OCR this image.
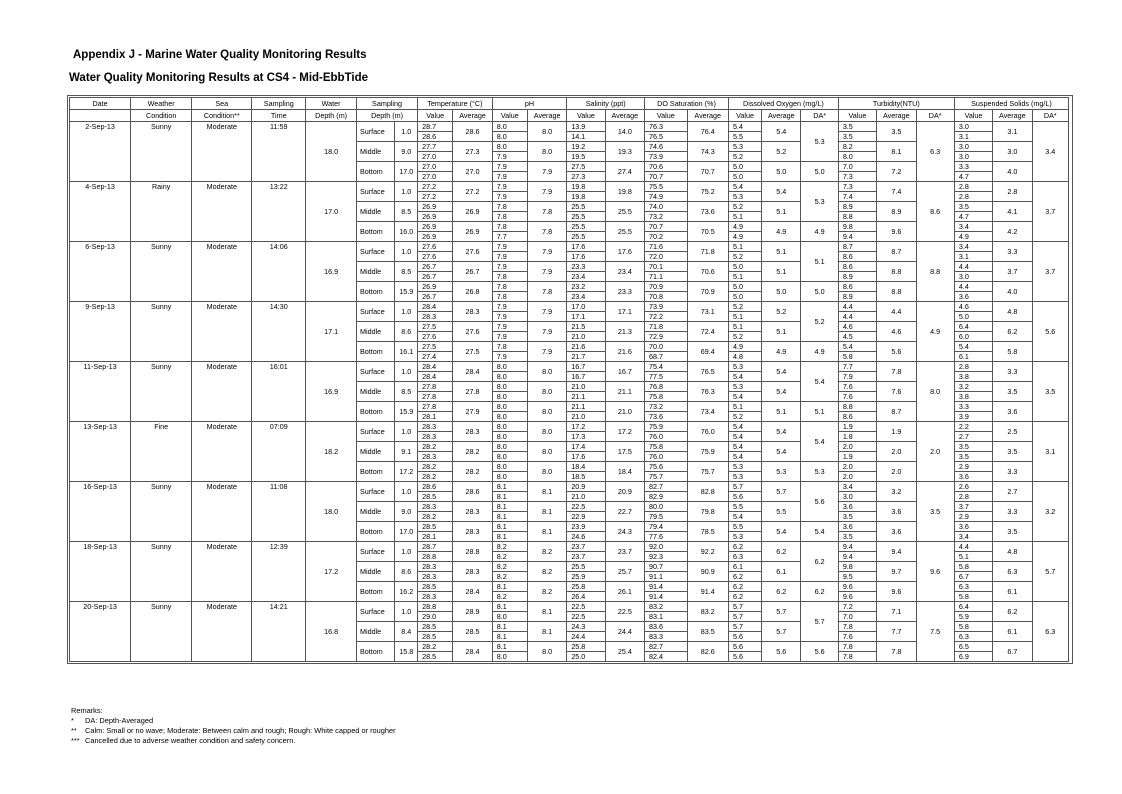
Appendix J - Marine Water Quality Monitoring Results
Water Quality Monitoring Results at CS4 - Mid-EbbTide
Date	Weather	Sea	Sampling	Water	Sampling		Temperature (°C)		pH		Salinity (ppt)		DO Saturation (%)		Dissolved Oxygen (mg/L)			Turbidity(NTU)			Suspended Solids (mg/L)		
	Condition	Condition**	Time	Depth (m)	Depth (m)		Value	Average	Value	Average	Value	Average	Value	Average	Value	Average	DA*	Value	Average	DA*	Value	Average	DA*
2-Sep-13	Sunny	Moderate	11:59	18.0	Surface	1.0	28.7	28.6	8.0	8.0	13.9	14.0	76.3	76.4	5.4	5.4	5.3	3.5	3.5	6.3	3.0	3.1	3.4
							28.6		8.0		14.1		76.5		5.5			3.5			3.1		
					Middle	9.0	27.7	27.3	8.0	8.0	19.2	19.3	74.6	74.3	5.3	5.2		8.2	8.1		3.0	3.0	
							27.0		7.9		19.5		73.9		5.2			8.0			3.0		
					Bottom	17.0	27.0	27.0	7.9	7.9	27.5	27.4	70.6	70.7	5.0	5.0	5.0	7.0	7.2		3.3	4.0	
							27.0		7.9		27.3		70.7		5.0			7.3			4.7		
4-Sep-13	Rainy	Moderate	13:22	17.0	Surface	1.0	27.2	27.2	7.9	7.9	19.8	19.8	75.5	75.2	5.4	5.4	5.3	7.3	7.4	8.6	2.8	2.8	3.7
							27.2		7.9		19.8		74.9		5.3			7.4			2.8		
					Middle	8.5	26.9	26.9	7.8	7.8	25.5	25.5	74.0	73.6	5.2	5.1		8.9	8.9		3.5	4.1	
							26.9		7.8		25.5		73.2		5.1			8.8			4.7		
					Bottom	16.0	26.9	26.9	7.8	7.8	25.5	25.5	70.7	70.5	4.9	4.9	4.9	9.8	9.6		3.4	4.2	
							26.9		7.7		25.5		70.2		4.9			9.4			4.9		
6-Sep-13	Sunny	Moderate	14:06	16.9	Surface	1.0	27.6	27.6	7.9	7.9	17.6	17.6	71.6	71.8	5.1	5.1	5.1	8.7	8.7	8.8	3.4	3.3	3.7
							27.6		7.9		17.6		72.0		5.2			8.6			3.1		
					Middle	8.5	26.7	26.7	7.9	7.9	23.3	23.4	70.1	70.6	5.0	5.1		8.6	8.8		4.4	3.7	
							26.7		7.8		23.4		71.1		5.1			8.9			3.0		
					Bottom	15.9	26.9	26.8	7.8	7.8	23.2	23.3	70.9	70.9	5.0	5.0	5.0	8.6	8.8		4.4	4.0	
							26.7		7.8		23.4		70.8		5.0			8.9			3.6		
9-Sep-13	Sunny	Moderate	14:30	17.1	Surface	1.0	28.4	28.3	7.9	7.9	17.0	17.1	73.9	73.1	5.2	5.2	5.2	4.4	4.4	4.9	4.6	4.8	5.6
							28.3		7.9		17.1		72.2		5.1			4.4			5.0		
					Middle	8.6	27.5	27.6	7.9	7.9	21.5	21.3	71.8	72.4	5.1	5.1		4.6	4.6		6.4	6.2	
							27.6		7.9		21.0		72.9		5.2			4.5			6.0		
					Bottom	16.1	27.5	27.5	7.8	7.9	21.6	21.6	70.0	69.4	4.9	4.9	4.9	5.4	5.6		5.4	5.8	
							27.4		7.9		21.7		68.7		4.8			5.8			6.1		
11-Sep-13	Sunny	Moderate	16:01	16.9	Surface	1.0	28.4	28.4	8.0	8.0	16.7	16.7	75.4	76.5	5.3	5.4	5.4	7.7	7.8	8.0	2.8	3.3	3.5
							28.4		8.0		16.7		77.5		5.4			7.9			3.8		
					Middle	8.5	27.8	27.8	8.0	8.0	21.0	21.1	76.8	76.3	5.3	5.4		7.6	7.6		3.2	3.5	
							27.8		8.0		21.1		75.8		5.4			7.6			3.8		
					Bottom	15.9	27.8	27.9	8.0	8.0	21.1	21.0	73.2	73.4	5.1	5.1	5.1	8.8	8.7		3.3	3.6	
							28.1		8.0		21.0		73.6		5.2			8.6			3.9		
13-Sep-13	Fine	Moderate	07:09	18.2	Surface	1.0	28.3	28.3	8.0	8.0	17.2	17.2	75.9	76.0	5.4	5.4	5.4	1.9	1.9	2.0	2.2	2.5	3.1
							28.3		8.0		17.3		76.0		5.4			1.8			2.7		
					Middle	9.1	28.2	28.2	8.0	8.0	17.4	17.5	75.8	75.9	5.4	5.4		2.0	2.0		3.5	3.5	
							28.3		8.0		17.6		76.0		5.4			1.9			3.5		
					Bottom	17.2	28.2	28.2	8.0	8.0	18.4	18.4	75.6	75.7	5.3	5.3	5.3	2.0	2.0		2.9	3.3	
							28.2		8.0		18.5		75.7		5.3			2.0			3.6		
16-Sep-13	Sunny	Moderate	11:08	18.0	Surface	1.0	28.6	28.6	8.1	8.1	20.9	20.9	82.7	82.8	5.7	5.7	5.6	3.4	3.2	3.5	2.6	2.7	3.2
							28.5		8.1		21.0		82.9		5.6			3.0			2.8		
					Middle	9.0	28.3	28.3	8.1	8.1	22.5	22.7	80.0	79.8	5.5	5.5		3.6	3.6		3.7	3.3	
							28.2		8.1		22.9		79.5		5.4			3.5			2.9		
					Bottom	17.0	28.5	28.3	8.1	8.1	23.9	24.3	79.4	78.5	5.5	5.4	5.4	3.6	3.6		3.6	3.5	
							28.1		8.1		24.6		77.6		5.3			3.5			3.4		
18-Sep-13	Sunny	Moderate	12:39	17.2	Surface	1.0	28.7	28.8	8.2	8.2	23.7	23.7	92.0	92.2	6.2	6.2	6.2	9.4	9.4	9.6	4.4	4.8	5.7
							28.8		8.2		23.7		92.3		6.3			9.4			5.1		
					Middle	8.6	28.3	28.3	8.2	8.2	25.5	25.7	90.7	90.9	6.1	6.1		9.8	9.7		5.8	6.3	
							28.3		8.2		25.9		91.1		6.2			9.5			6.7		
					Bottom	16.2	28.5	28.4	8.1	8.2	25.8	26.1	91.4	91.4	6.2	6.2	6.2	9.6	9.6		6.3	6.1	
							28.3		8.2		26.4		91.4		6.2			9.6			5.8		
20-Sep-13	Sunny	Moderate	14:21	16.8	Surface	1.0	28.8	28.9	8.1	8.1	22.5	22.5	83.2	83.2	5.7	5.7	5.7	7.2	7.1	7.5	6.4	6.2	6.3
							29.0		8.0		22.5		83.1		5.7			7.0			5.9		
					Middle	8.4	28.5	28.5	8.1	8.1	24.3	24.4	83.6	83.5	5.7	5.7		7.8	7.7		5.8	6.1	
							28.5		8.1		24.4		83.3		5.6			7.6			6.3		
					Bottom	15.8	28.2	28.4	8.1	8.0	25.8	25.4	82.7	82.6	5.6	5.6	5.6	7.8	7.8		6.5	6.7	
							28.5		8.0		25.0		82.4		5.6			7.8			6.9		
Remarks:
*	DA: Depth-Averaged
**	Calm: Small or no wave; Moderate: Between calm and rough; Rough: White capped or rougher
*** Cancelled due to adverse weather condition and safety concern.
